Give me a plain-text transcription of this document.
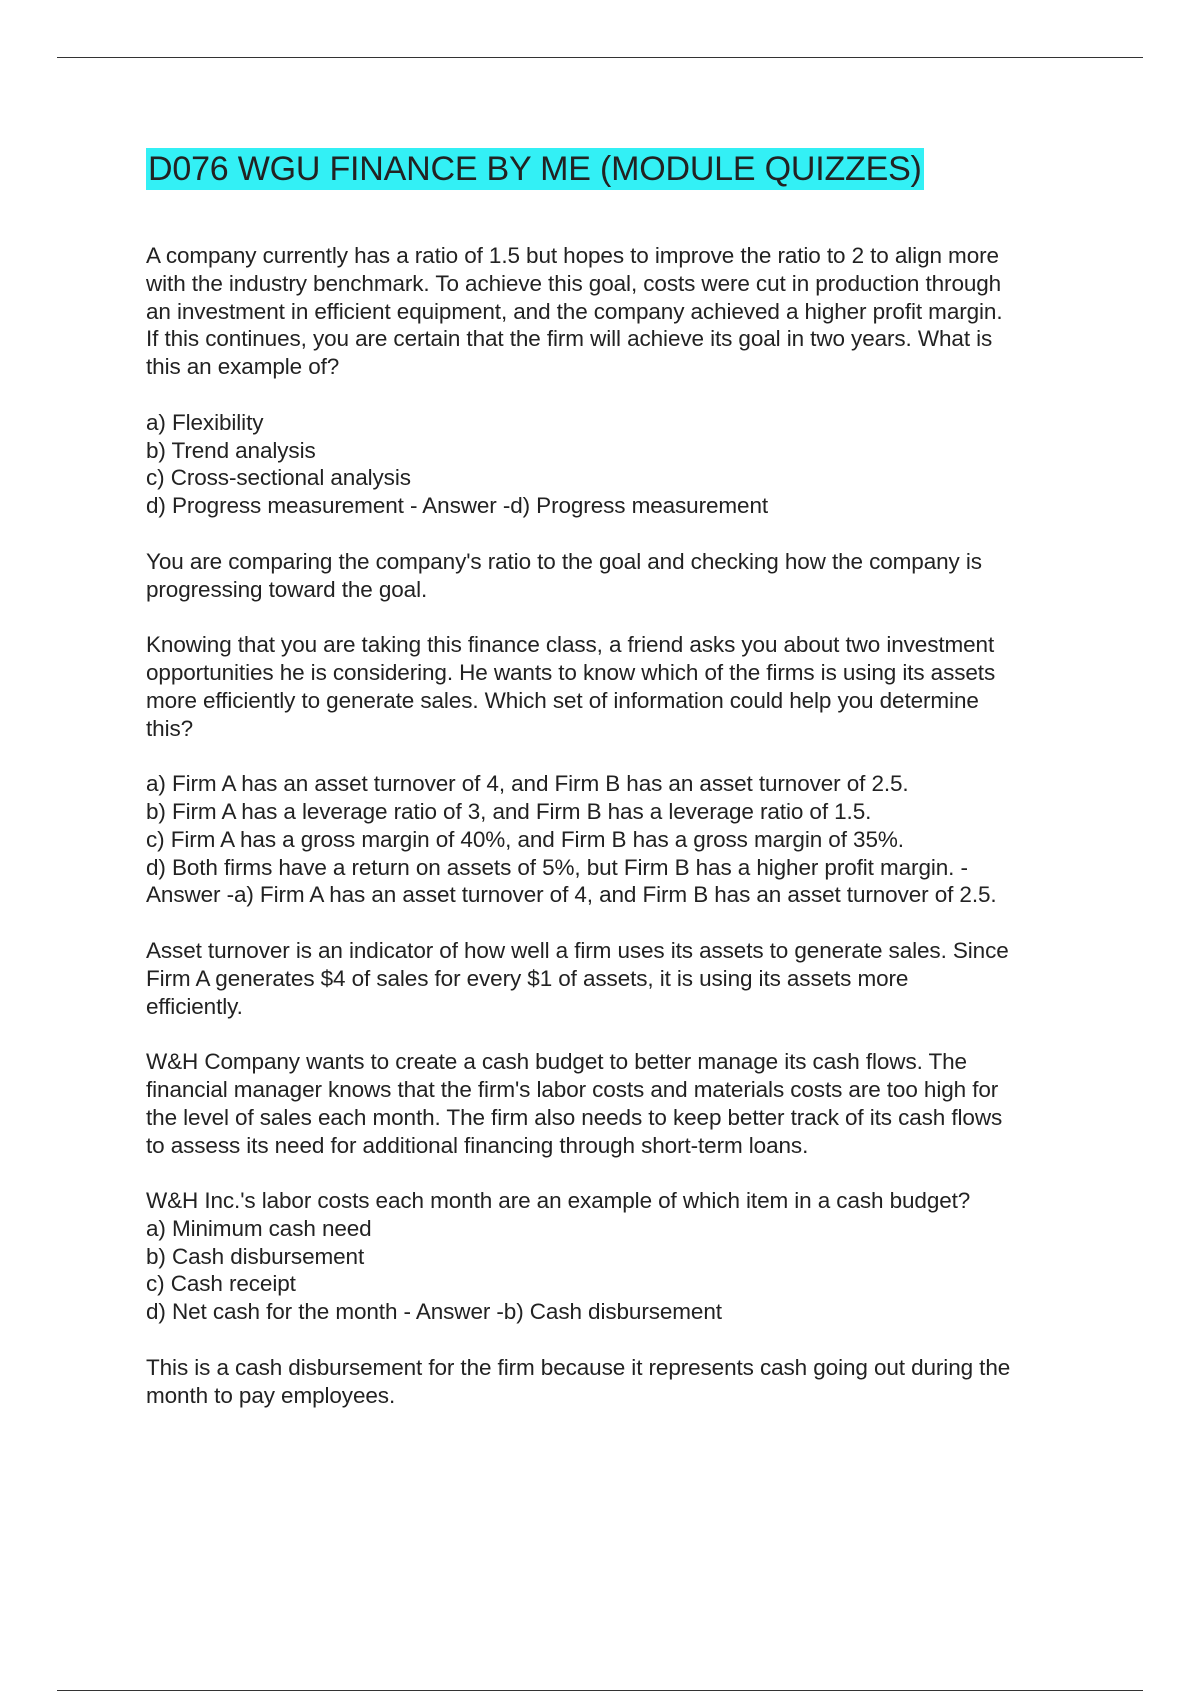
D076 WGU FINANCE BY ME (MODULE QUIZZES)
A company currently has a ratio of 1.5 but hopes to improve the ratio to 2 to align more
with the industry benchmark. To achieve this goal, costs were cut in production through
an investment in efficient equipment, and the company achieved a higher profit margin.
If this continues, you are certain that the firm will achieve its goal in two years. What is
this an example of?
a) Flexibility
b) Trend analysis
c) Cross-sectional analysis
d) Progress measurement - Answer -d) Progress measurement
You are comparing the company's ratio to the goal and checking how the company is
progressing toward the goal.
Knowing that you are taking this finance class, a friend asks you about two investment
opportunities he is considering. He wants to know which of the firms is using its assets
more efficiently to generate sales. Which set of information could help you determine
this?
a) Firm A has an asset turnover of 4, and Firm B has an asset turnover of 2.5.
b) Firm A has a leverage ratio of 3, and Firm B has a leverage ratio of 1.5.
c) Firm A has a gross margin of 40%, and Firm B has a gross margin of 35%.
d) Both firms have a return on assets of 5%, but Firm B has a higher profit margin. -
Answer -a) Firm A has an asset turnover of 4, and Firm B has an asset turnover of 2.5.
Asset turnover is an indicator of how well a firm uses its assets to generate sales. Since
Firm A generates $4 of sales for every $1 of assets, it is using its assets more
efficiently.
W&H Company wants to create a cash budget to better manage its cash flows. The
financial manager knows that the firm's labor costs and materials costs are too high for
the level of sales each month. The firm also needs to keep better track of its cash flows
to assess its need for additional financing through short-term loans.
W&H Inc.'s labor costs each month are an example of which item in a cash budget?
a) Minimum cash need
b) Cash disbursement
c) Cash receipt
d) Net cash for the month - Answer -b) Cash disbursement
This is a cash disbursement for the firm because it represents cash going out during the
month to pay employees.
